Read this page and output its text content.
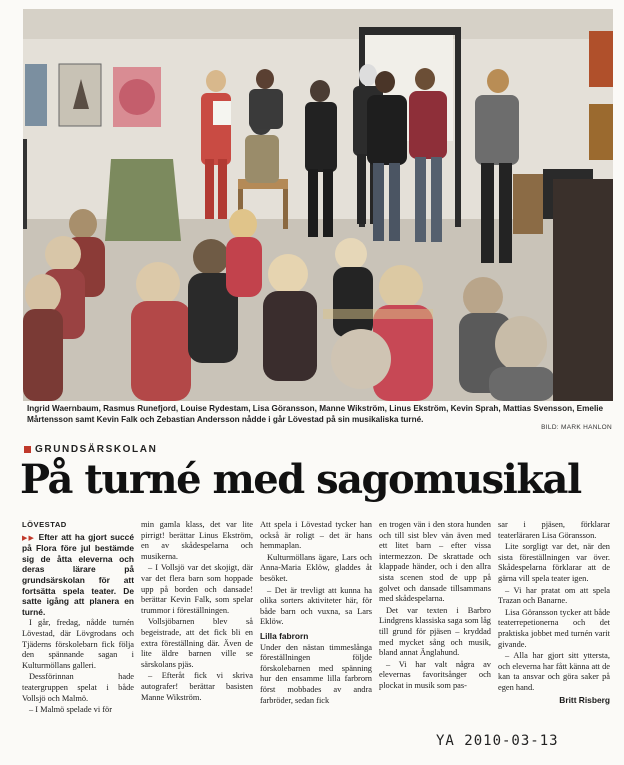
Ingrid Waernbaum, Rasmus Runefjord, Louise Rydestam, Lisa Göransson, Manne Wikström, Linus Ekström, Kevin Sprah, Mattias Svensson, Emelie Mårtensson samt Kevin Falk och Zebastian Andersson nådde i går Lövestad på sin musikaliska turné.
BILD: MARK HANLON
GRUNDSÄRSKOLAN
På turné med sagomusikal

LÖVESTAD

▶▶ Efter att ha gjort succé på Flora före jul bestämde sig de åtta eleverna och deras lärare på grundsärskolan för att fortsätta spela teater. De satte igång att planera en turné.

I går, fredag, nådde turnén Lövestad, där Lövgrodans och Tjäderns förskolebarn fick följa den spännande sagan i Kulturmöllans galleri.

Dessförinnan hade teatergruppen spelat i både Vollsjö och Malmö.

– I Malmö spelade vi för

min gamla klass, det var lite pirrigt! berättar Linus Ekström, en av skådespelarna och musikerna.

– I Vollsjö var det skojigt, där var det flera barn som hoppade upp på borden och dansade! berättar Kevin Falk, som spelar trummor i föreställningen.

Vollsjöbarnen blev så begeistrade, att det fick bli en extra föreställning där. Även de lite äldre barnen ville se särskolans pjäs.

– Efteråt fick vi skriva autografer! berättar basisten Manne Wikström.

Att spela i Lövestad tycker han också är roligt – det är hans hemmaplan.

Kulturmöllans ägare, Lars och Anna-Maria Eklöw, gladdes åt besöket.

– Det är trevligt att kunna ha olika sorters aktiviteter här, för både barn och vuxna, sa Lars Eklöw.

Lilla fabrorn

Under den nästan timmeslånga föreställningen följde förskolebarnen med spänning hur den ensamme lilla farbrorn först mobbades av andra farbröder, sedan fick

en trogen vän i den stora hunden och till sist blev vän även med ett litet barn – efter vissa intermezzon. De skrattade och klappade händer, och i den allra sista scenen stod de upp på golvet och dansade tillsammans med skådespelarna.

Det var texten i Barbro Lindgrens klassiska saga som låg till grund för pjäsen – kryddad med mycket sång och musik, bland annat Änglahund.

– Vi har valt några av elevernas favoritsånger och plockat in musik som pas-

sar i pjäsen, förklarar teaterläraren Lisa Göransson.

Lite sorgligt var det, när den sista föreställningen var över. Skådespelarna förklarar att de gärna vill spela teater igen.

– Vi har pratat om att spela Trazan och Banarne.

Lisa Göransson tycker att både teaterrepetionerna och det praktiska jobbet med turnén varit givande.

– Alla har gjort sitt yttersta, och eleverna har fått känna att de kan ta ansvar och göra saker på egen hand.

Britt Risberg

YA 2010-03-13
